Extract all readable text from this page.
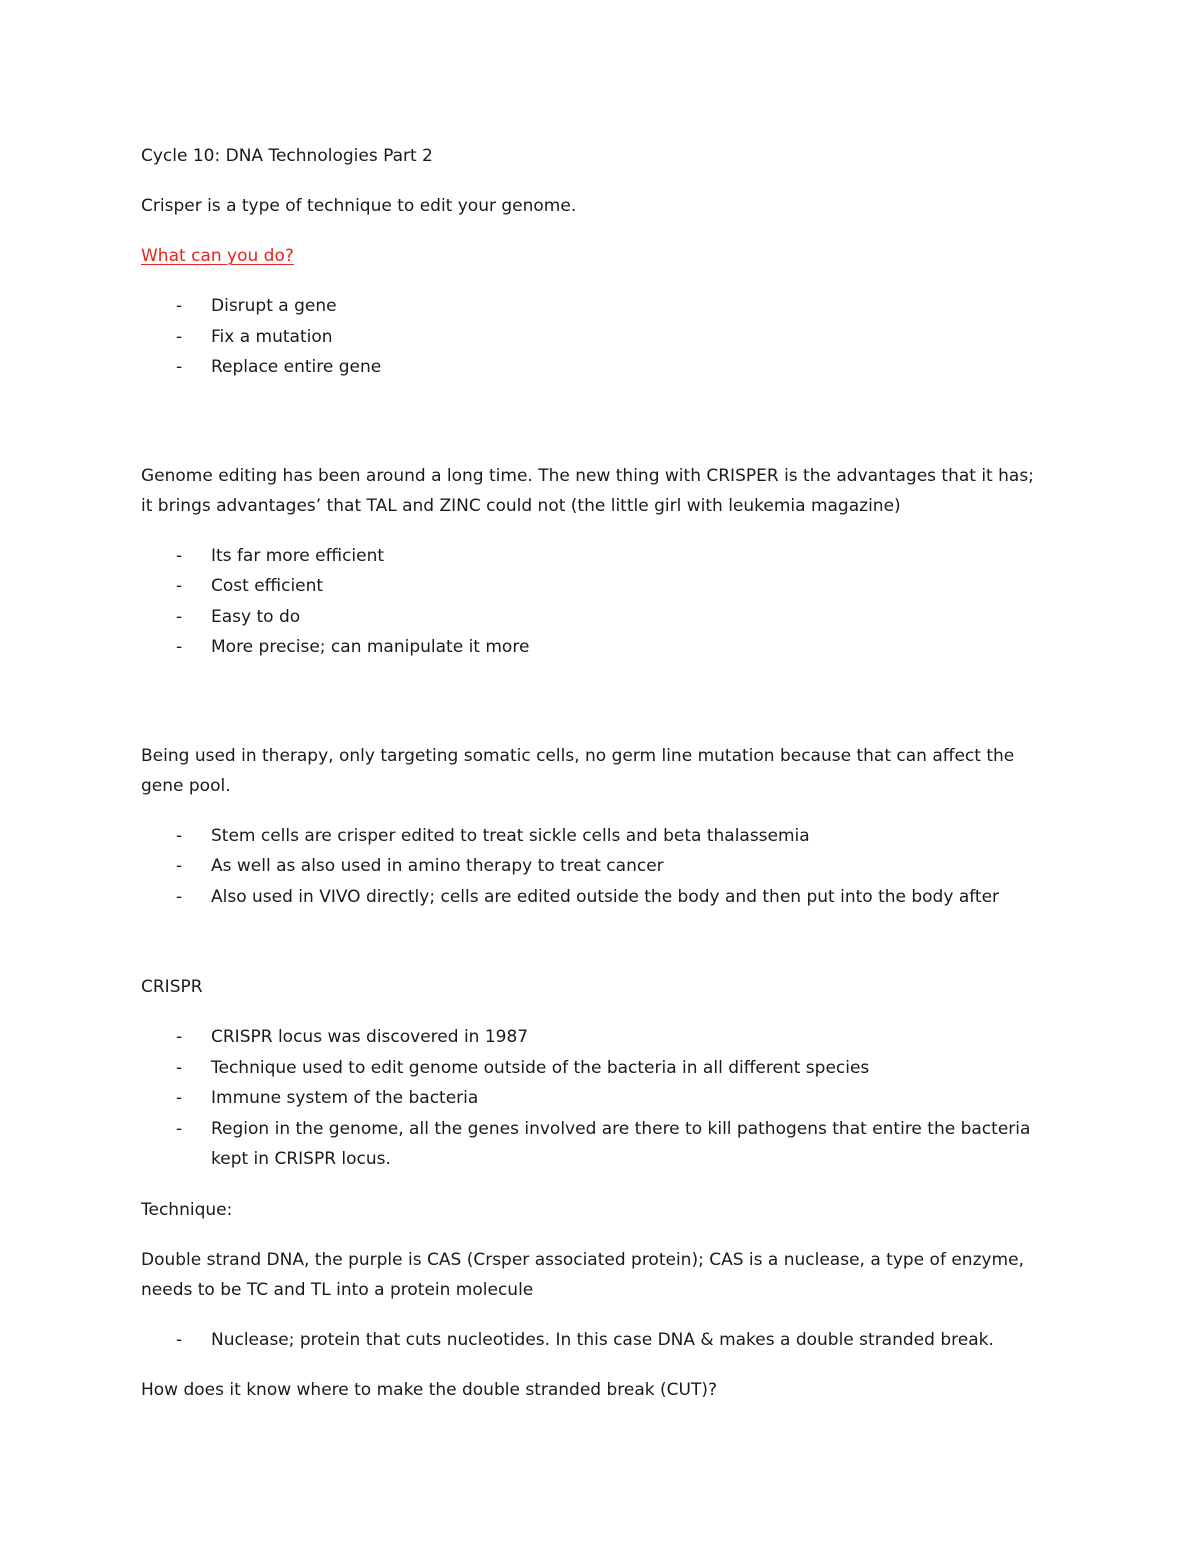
Cycle 10: DNA Technologies Part 2

Crisper is a type of technique to edit your genome.

What can you do?

- Disrupt a gene
- Fix a mutation
- Replace entire gene

Genome editing has been around a long time. The new thing with CRISPER is the advantages that it has;
it brings advantages’ that TAL and ZINC could not (the little girl with leukemia magazine)

- Its far more efficient
- Cost efficient
- Easy to do
- More precise; can manipulate it more

Being used in therapy, only targeting somatic cells, no germ line mutation because that can affect the
gene pool.

- Stem cells are crisper edited to treat sickle cells and beta thalassemia
- As well as also used in amino therapy to treat cancer
- Also used in VIVO directly; cells are edited outside the body and then put into the body after

CRISPR

- CRISPR locus was discovered in 1987
- Technique used to edit genome outside of the bacteria in all different species
- Immune system of the bacteria
- Region in the genome, all the genes involved are there to kill pathogens that entire the bacteria kept in CRISPR locus.

Technique:

Double strand DNA, the purple is CAS (Crsper associated protein); CAS is a nuclease, a type of enzyme,
needs to be TC and TL into a protein molecule

- Nuclease; protein that cuts nucleotides. In this case DNA & makes a double stranded break.

How does it know where to make the double stranded break (CUT)?
